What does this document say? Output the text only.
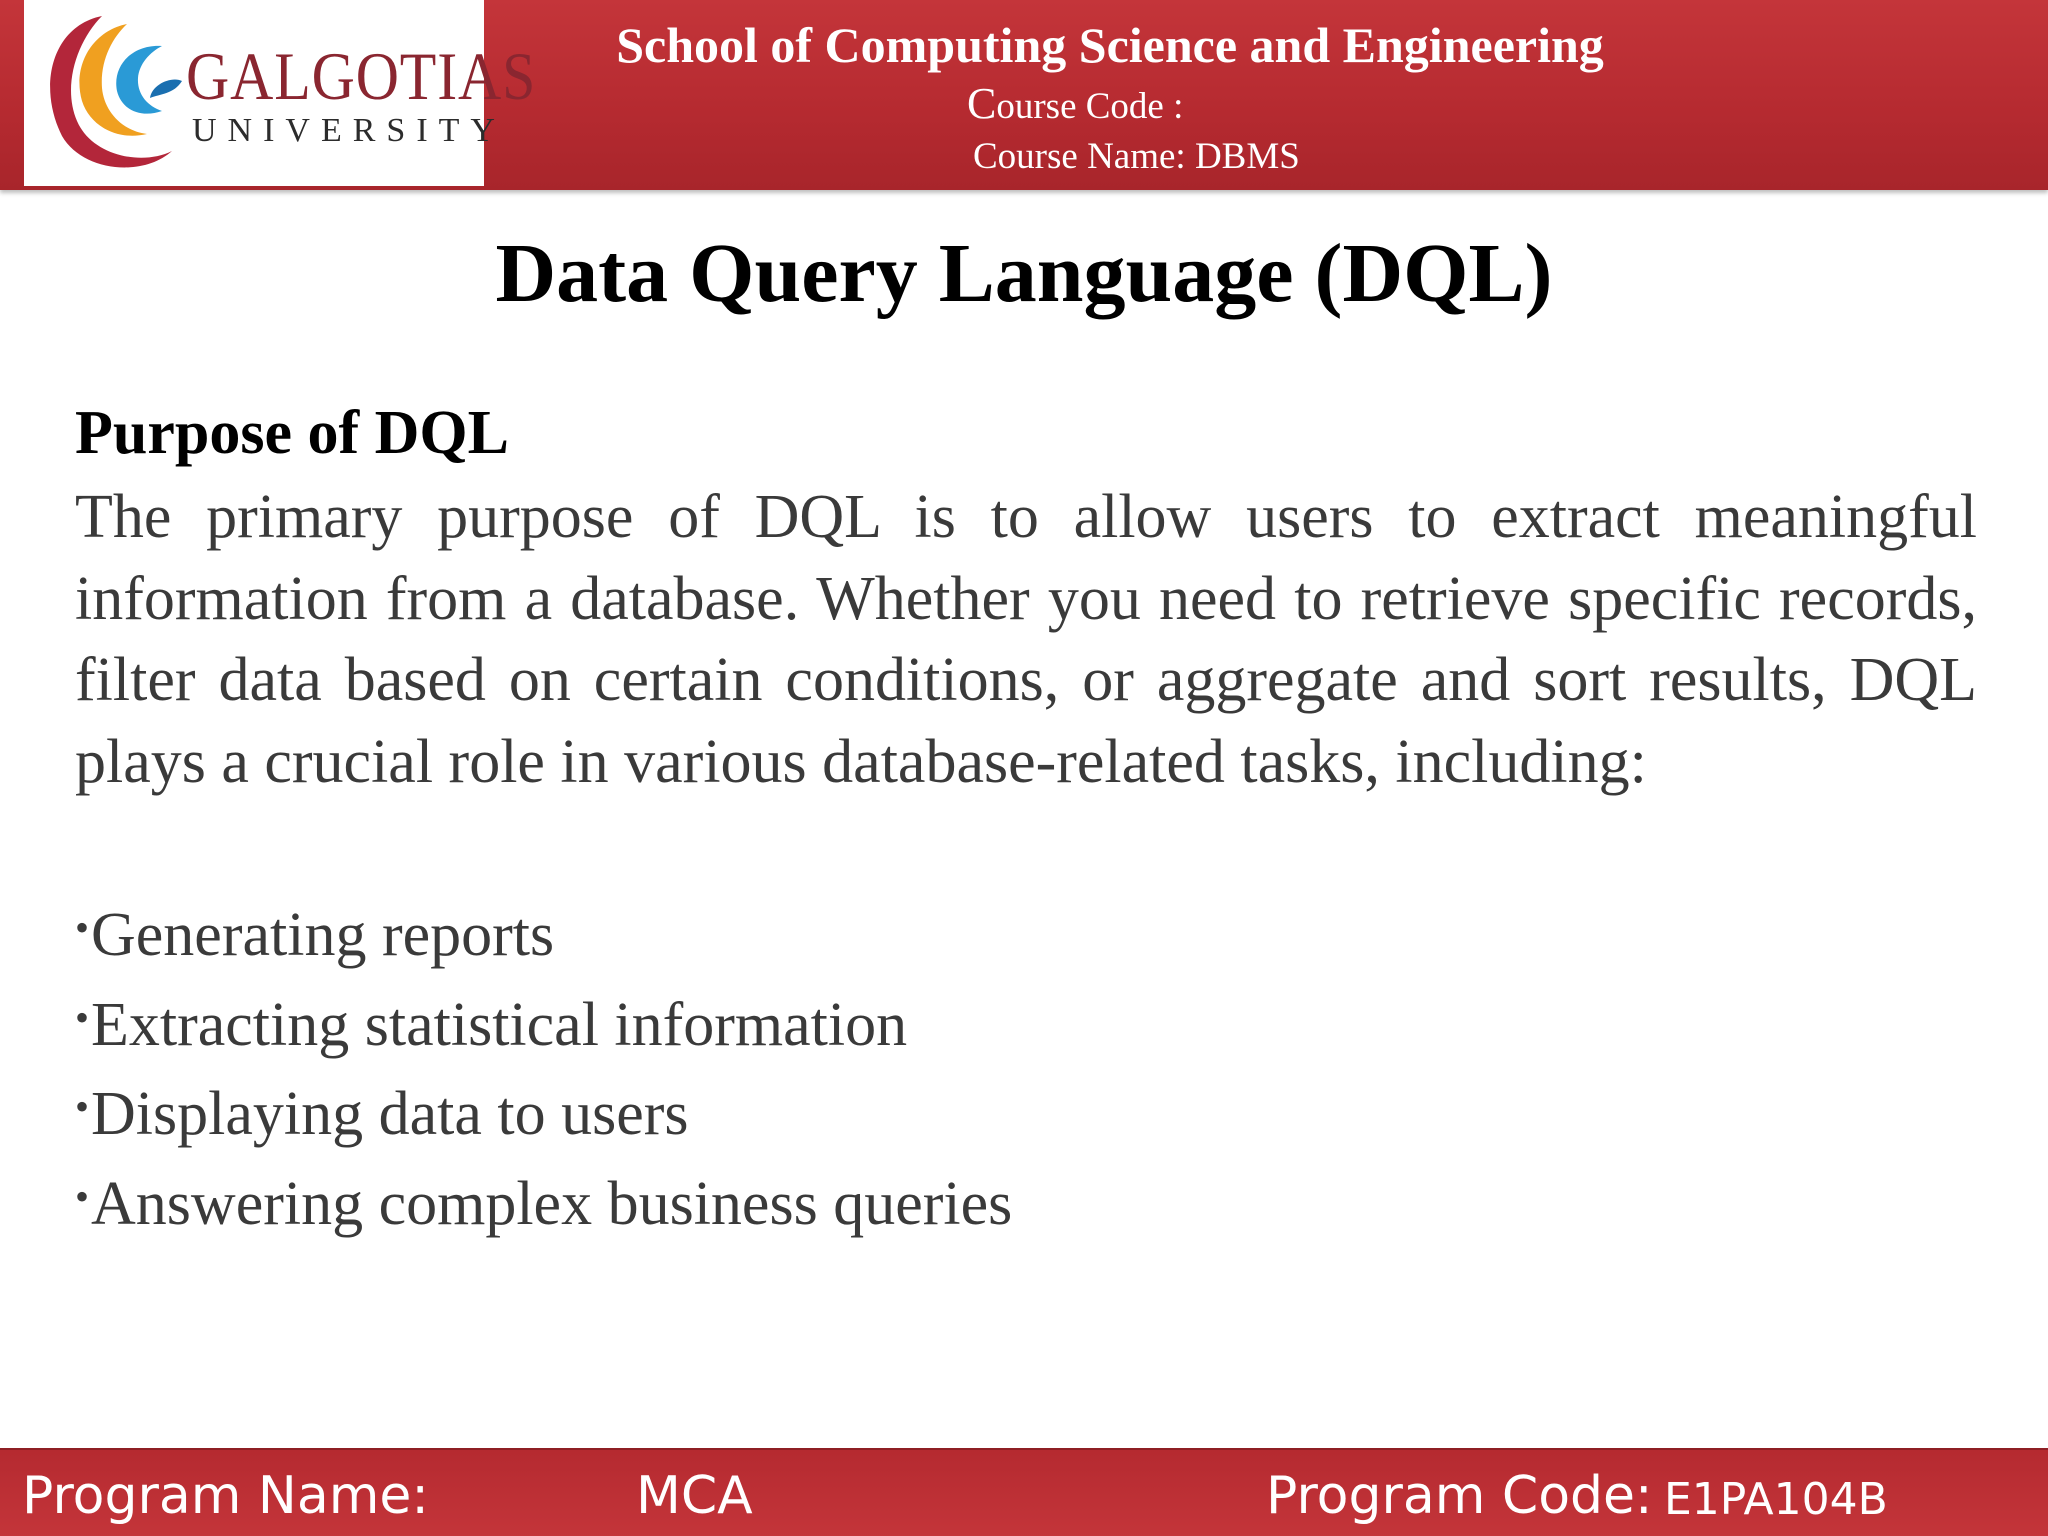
GALGOTIAS
UNIVERSITY
School of Computing Science and Engineering
Course Code :
Course Name: DBMS
Data Query Language (DQL)
Purpose of DQL

The primary purpose of DQL is to allow users to extract meaningful information from a database. Whether you need to retrieve specific records, filter data based on certain conditions, or aggregate and sort results, DQL plays a crucial role in various database-related tasks, including:

•Generating reports
•Extracting statistical information
•Displaying data to users
•Answering complex business queries
Program Name:	MCA	Program Code: E1PA104B
